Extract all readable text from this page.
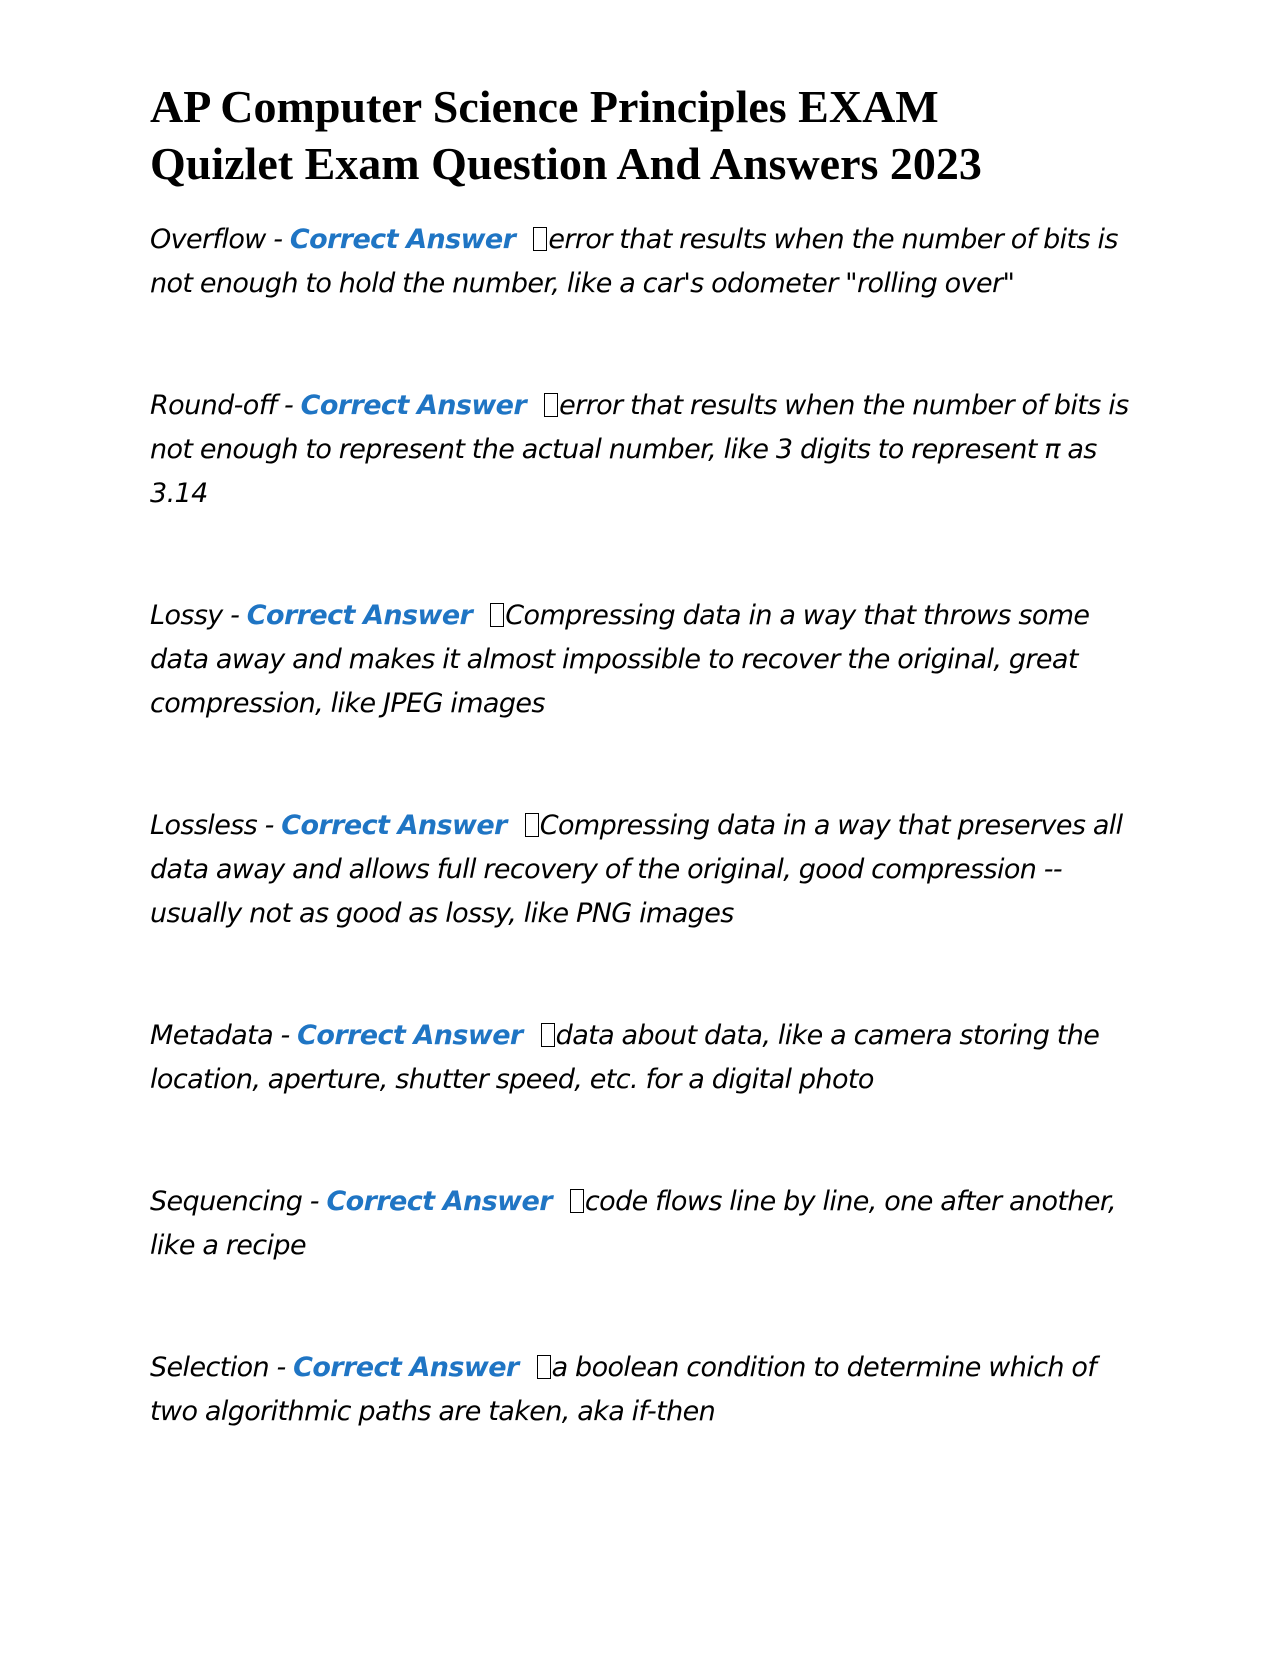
AP Computer Science Principles EXAM
Quizlet Exam Question And Answers 2023

Overflow - Correct Answer error that results when the number of bits is not enough to hold the number, like a car's odometer "rolling over"

Round-off - Correct Answer error that results when the number of bits is not enough to represent the actual number, like 3 digits to represent π as 3.14

Lossy - Correct Answer Compressing data in a way that throws some data away and makes it almost impossible to recover the original, great compression, like JPEG images

Lossless - Correct Answer Compressing data in a way that preserves all data away and allows full recovery of the original, good compression -- usually not as good as lossy, like PNG images

Metadata - Correct Answer data about data, like a camera storing the location, aperture, shutter speed, etc. for a digital photo

Sequencing - Correct Answer code flows line by line, one after another, like a recipe

Selection - Correct Answer a boolean condition to determine which of two algorithmic paths are taken, aka if-then
